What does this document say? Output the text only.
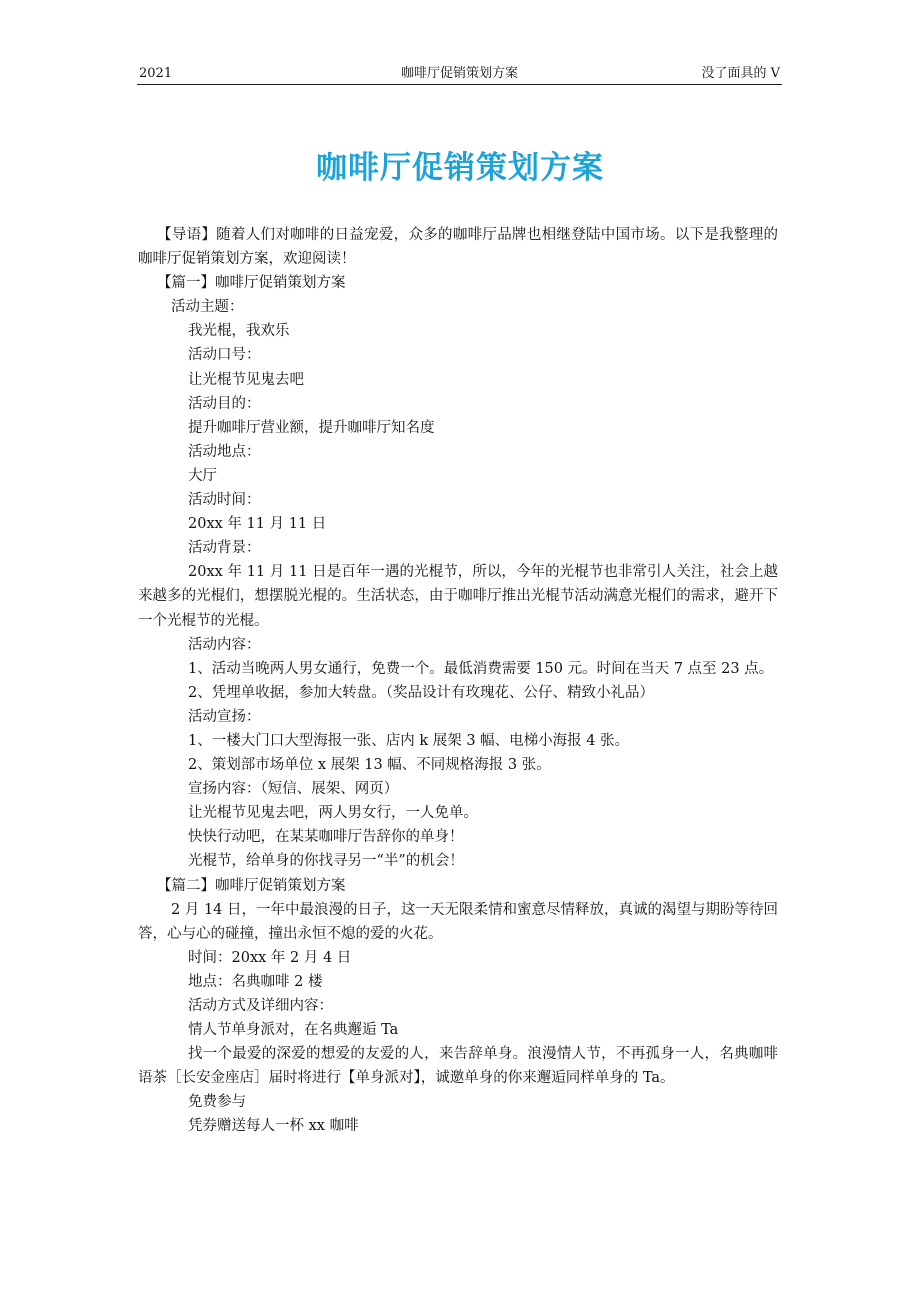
2021	咖啡厅促销策划方案	没了面具的 V
咖啡厅促销策划方案

【导语】随着人们对咖啡的日益宠爱，众多的咖啡厅品牌也相继登陆中国市场。以下是我整理的咖啡厅促销策划方案，欢迎阅读！

【篇一】咖啡厅促销策划方案

活动主题：

我光棍，我欢乐

活动口号：

让光棍节见鬼去吧

活动目的：

提升咖啡厅营业额，提升咖啡厅知名度

活动地点：

大厅

活动时间：

20xx 年 11 月 11 日

活动背景：

20xx 年 11 月 11 日是百年一遇的光棍节，所以，今年的光棍节也非常引人关注，社会上越来越多的光棍们，想摆脱光棍的。生活状态，由于咖啡厅推出光棍节活动满意光棍们的需求，避开下一个光棍节的光棍。

活动内容：

1、活动当晚两人男女通行，免费一个。最低消费需要 150 元。时间在当天 7 点至 23 点。

2、凭埋单收据，参加大转盘。（奖品设计有玫瑰花、公仔、精致小礼品）

活动宣扬：

1、一楼大门口大型海报一张、店内 k 展架 3 幅、电梯小海报 4 张。

2、策划部市场单位 x 展架 13 幅、不同规格海报 3 张。

宣扬内容：（短信、展架、网页）

让光棍节见鬼去吧，两人男女行，一人免单。

快快行动吧，在某某咖啡厅告辞你的单身！

光棍节，给单身的你找寻另一“半”的机会！

【篇二】咖啡厅促销策划方案

2 月 14 日，一年中最浪漫的日子，这一天无限柔情和蜜意尽情释放，真诚的渴望与期盼等待回答，心与心的碰撞，撞出永恒不熄的爱的火花。

时间：20xx 年 2 月 4 日

地点：名典咖啡 2 楼

活动方式及详细内容：

情人节单身派对，在名典邂逅 Ta

找一个最爱的深爱的想爱的友爱的人，来告辞单身。浪漫情人节，不再孤身一人，名典咖啡语茶［长安金座店］届时将进行【单身派对】，诚邀单身的你来邂逅同样单身的 Ta。

免费参与

凭券赠送每人一杯 xx 咖啡
